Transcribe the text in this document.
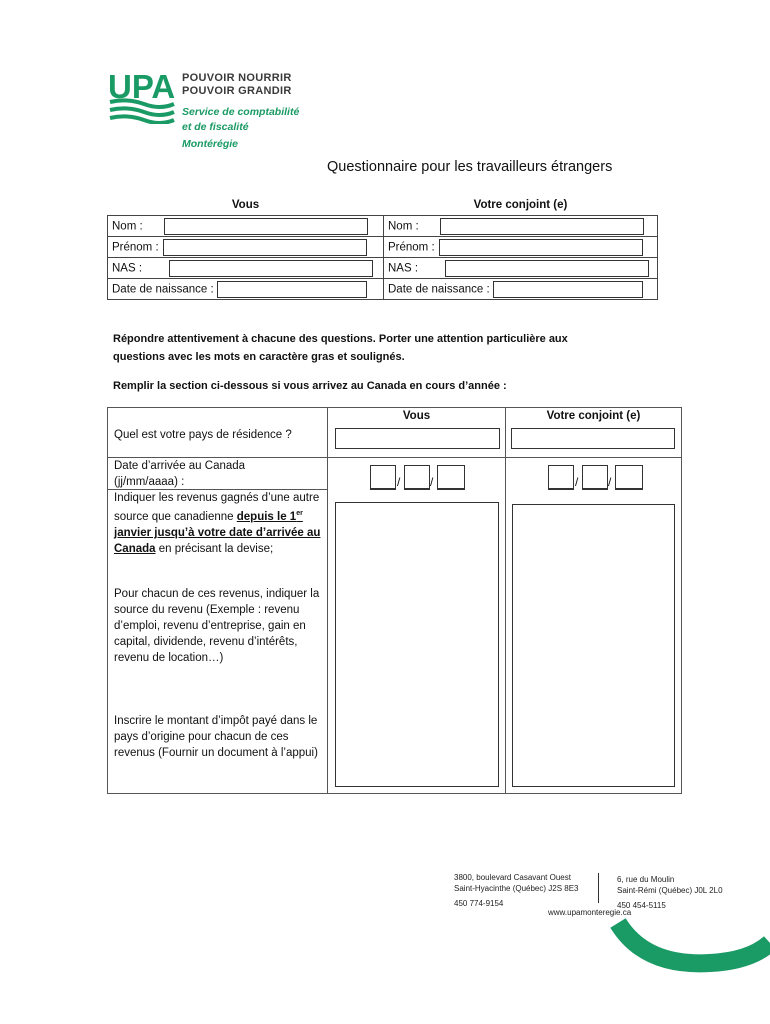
UPA POUVOIR NOURRIR
POUVOIR GRANDIR
Service de comptabilité
et de fiscalité
Montérégie
Questionnaire pour les travailleurs étrangers
Vous	Votre conjoint (e)
Nom :	Nom :
Prénom :	Prénom :
NAS :	NAS :
Date de naissance :	Date de naissance :
Répondre attentivement à chacune des questions. Porter une attention particulière aux
questions avec les mots en caractère gras et soulignés.
Remplir la section ci-dessous si vous arrivez au Canada en cours d’année :
Vous	Votre conjoint (e)
Quel est votre pays de résidence ?
Date d’arrivée au Canada
(jj/mm/aaaa) :	/ /	/ /
Indiquer les revenus gagnés d’une autre source que canadienne depuis le 1er janvier jusqu’à votre date d’arrivée au Canada en précisant la devise;
Pour chacun de ces revenus, indiquer la source du revenu (Exemple : revenu d’emploi, revenu d’entreprise, gain en capital, dividende, revenu d’intérêts, revenu de location…)
Inscrire le montant d’impôt payé dans le pays d’origine pour chacun de ces revenus (Fournir un document à l’appui)
3800, boulevard Casavant Ouest
Saint-Hyacinthe (Québec) J2S 8E3
450 774-9154
6, rue du Moulin
Saint-Rémi (Québec) J0L 2L0
450 454-5115
www.upamonteregie.ca
